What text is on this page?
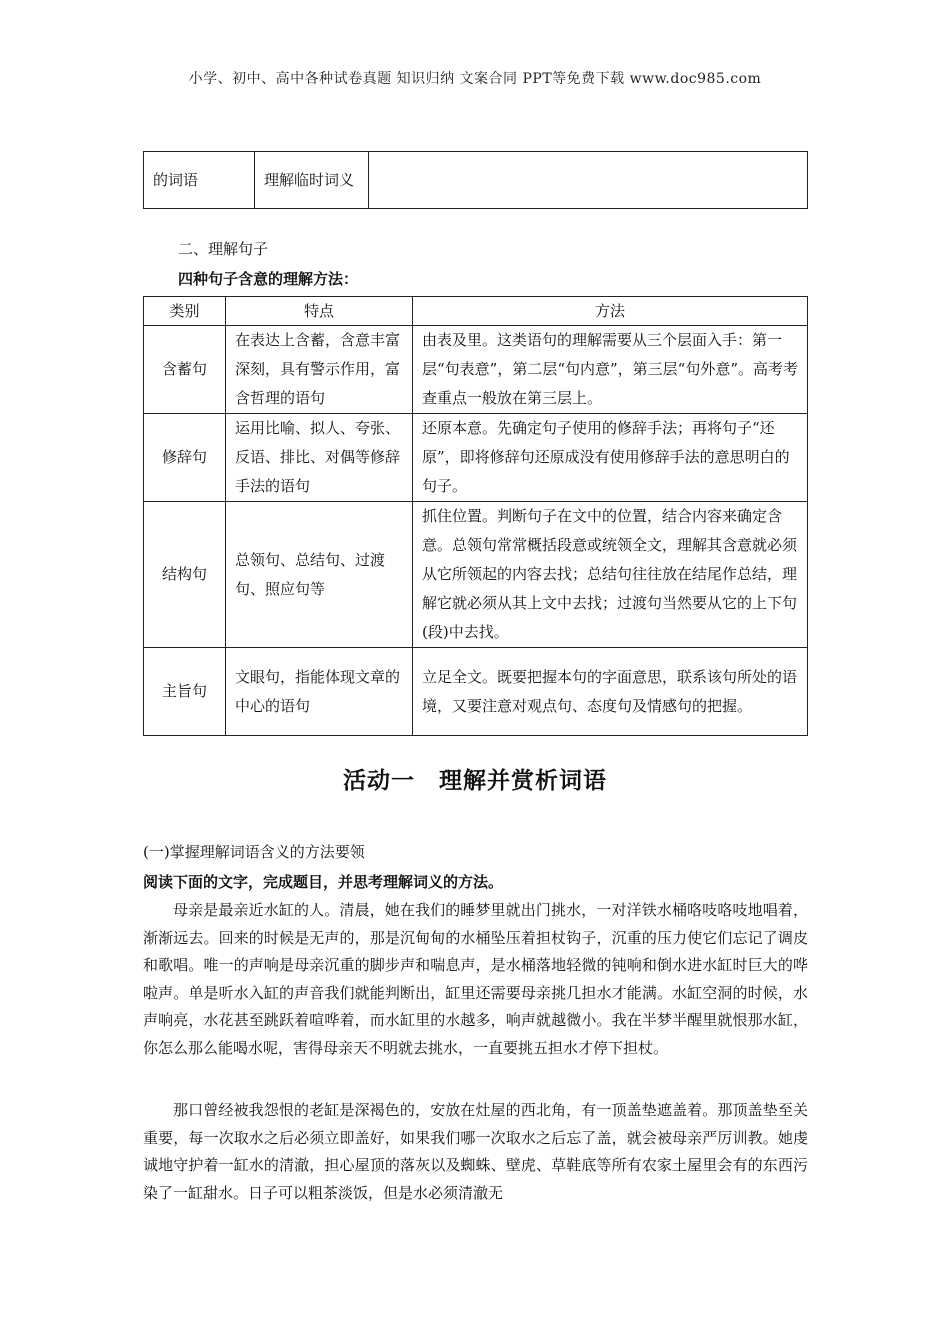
小学、初中、高中各种试卷真题 知识归纳 文案合同 PPT等免费下载 www.doc985.com
的词语	理解临时词义	
二、理解句子
四种句子含意的理解方法：
类别	特点	方法
含蓄句	在表达上含蓄，含意丰富深刻，具有警示作用，富含哲理的语句	由表及里。这类语句的理解需要从三个层面入手：第一层“句表意”，第二层“句内意”，第三层“句外意”。高考考查重点一般放在第三层上。
修辞句	运用比喻、拟人、夸张、反语、排比、对偶等修辞手法的语句	还原本意。先确定句子使用的修辞手法；再将句子“还原”，即将修辞句还原成没有使用修辞手法的意思明白的句子。
结构句	总领句、总结句、过渡句、照应句等	抓住位置。判断句子在文中的位置，结合内容来确定含意。总领句常常概括段意或统领全文，理解其含意就必须从它所领起的内容去找；总结句往往放在结尾作总结，理解它就必须从其上文中去找；过渡句当然要从它的上下句(段)中去找。
主旨句	文眼句，指能体现文章的中心的语句	立足全文。既要把握本句的字面意思，联系该句所处的语境，又要注意对观点句、态度句及情感句的把握。
活动一　理解并赏析词语
(一)掌握理解词语含义的方法要领
阅读下面的文字，完成题目，并思考理解词义的方法。

母亲是最亲近水缸的人。清晨，她在我们的睡梦里就出门挑水，一对洋铁水桶咯吱咯吱地唱着，渐渐远去。回来的时候是无声的，那是沉甸甸的水桶坠压着担杖钩子，沉重的压力使它们忘记了调皮和歌唱。唯一的声响是母亲沉重的脚步声和喘息声，是水桶落地轻微的钝响和倒水进水缸时巨大的哗啦声。单是听水入缸的声音我们就能判断出，缸里还需要母亲挑几担水才能满。水缸空洞的时候，水声响亮，水花甚至跳跃着喧哗着，而水缸里的水越多，响声就越微小。我在半梦半醒里就恨那水缸，你怎么那么能喝水呢，害得母亲天不明就去挑水，一直要挑五担水才停下担杖。

那口曾经被我怨恨的老缸是深褐色的，安放在灶屋的西北角，有一顶盖垫遮盖着。那顶盖垫至关重要，每一次取水之后必须立即盖好，如果我们哪一次取水之后忘了盖，就会被母亲严厉训教。她虔诚地守护着一缸水的清澈，担心屋顶的落灰以及蜘蛛、壁虎、草鞋底等所有农家土屋里会有的东西污染了一缸甜水。日子可以粗茶淡饭，但是水必须清澈无
